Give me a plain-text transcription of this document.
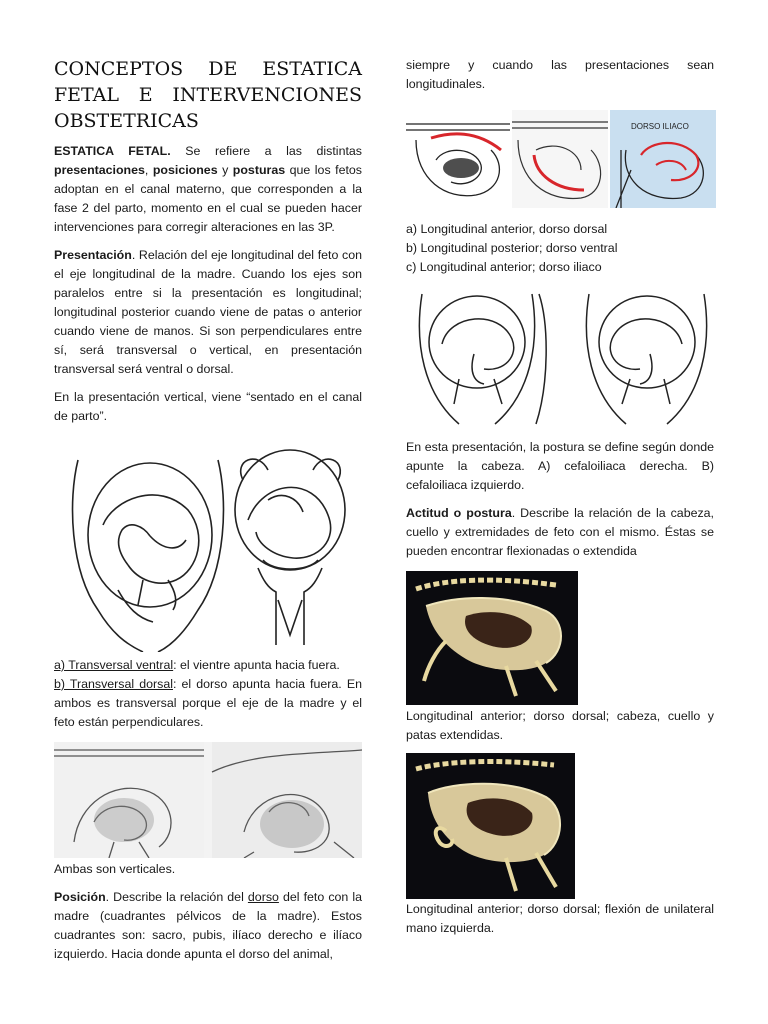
CONCEPTOS DE ESTATICA FETAL E INTERVENCIONES OBSTETRICAS

ESTATICA FETAL. Se refiere a las distintas presentaciones, posiciones y posturas que los fetos adoptan en el canal materno, que corresponden a la fase 2 del parto, momento en el cual se pueden hacer intervenciones para corregir alteraciones en las 3P.

Presentación. Relación del eje longitudinal del feto con el eje longitudinal de la madre. Cuando los ejes son paralelos entre si la presentación es longitudinal; longitudinal posterior cuando viene de patas o anterior cuando viene de manos. Si son perpendiculares entre sí, será transversal o vertical, en presentación transversal será ventral o dorsal.

En la presentación vertical, viene “sentado en el canal de parto”.

a) Transversal ventral: el vientre apunta hacia fuera.
b) Transversal dorsal: el dorso apunta hacia fuera. En ambos es transversal porque el eje de la madre y el feto están perpendiculares.

Ambas son verticales.

Posición. Describe la relación del dorso del feto con la madre (cuadrantes pélvicos de la madre). Estos cuadrantes son: sacro, pubis, ilíaco derecho e ilíaco izquierdo. Hacia donde apunta el dorso del animal,

siempre y cuando las presentaciones sean longitudinales.

DORSO ILIACO
a) Longitudinal anterior, dorso dorsal
b) Longitudinal posterior; dorso ventral
c) Longitudinal anterior; dorso iliaco

En esta presentación, la postura se define según donde apunte la cabeza. A) cefaloiliaca derecha. B) cefaloiliaca izquierdo.

Actitud o postura. Describe la relación de la cabeza, cuello y extremidades de feto con el mismo. Éstas se pueden encontrar flexionadas o extendida

Longitudinal anterior; dorso dorsal; cabeza, cuello y patas extendidas.

Longitudinal anterior; dorso dorsal; flexión de unilateral mano izquierda.
